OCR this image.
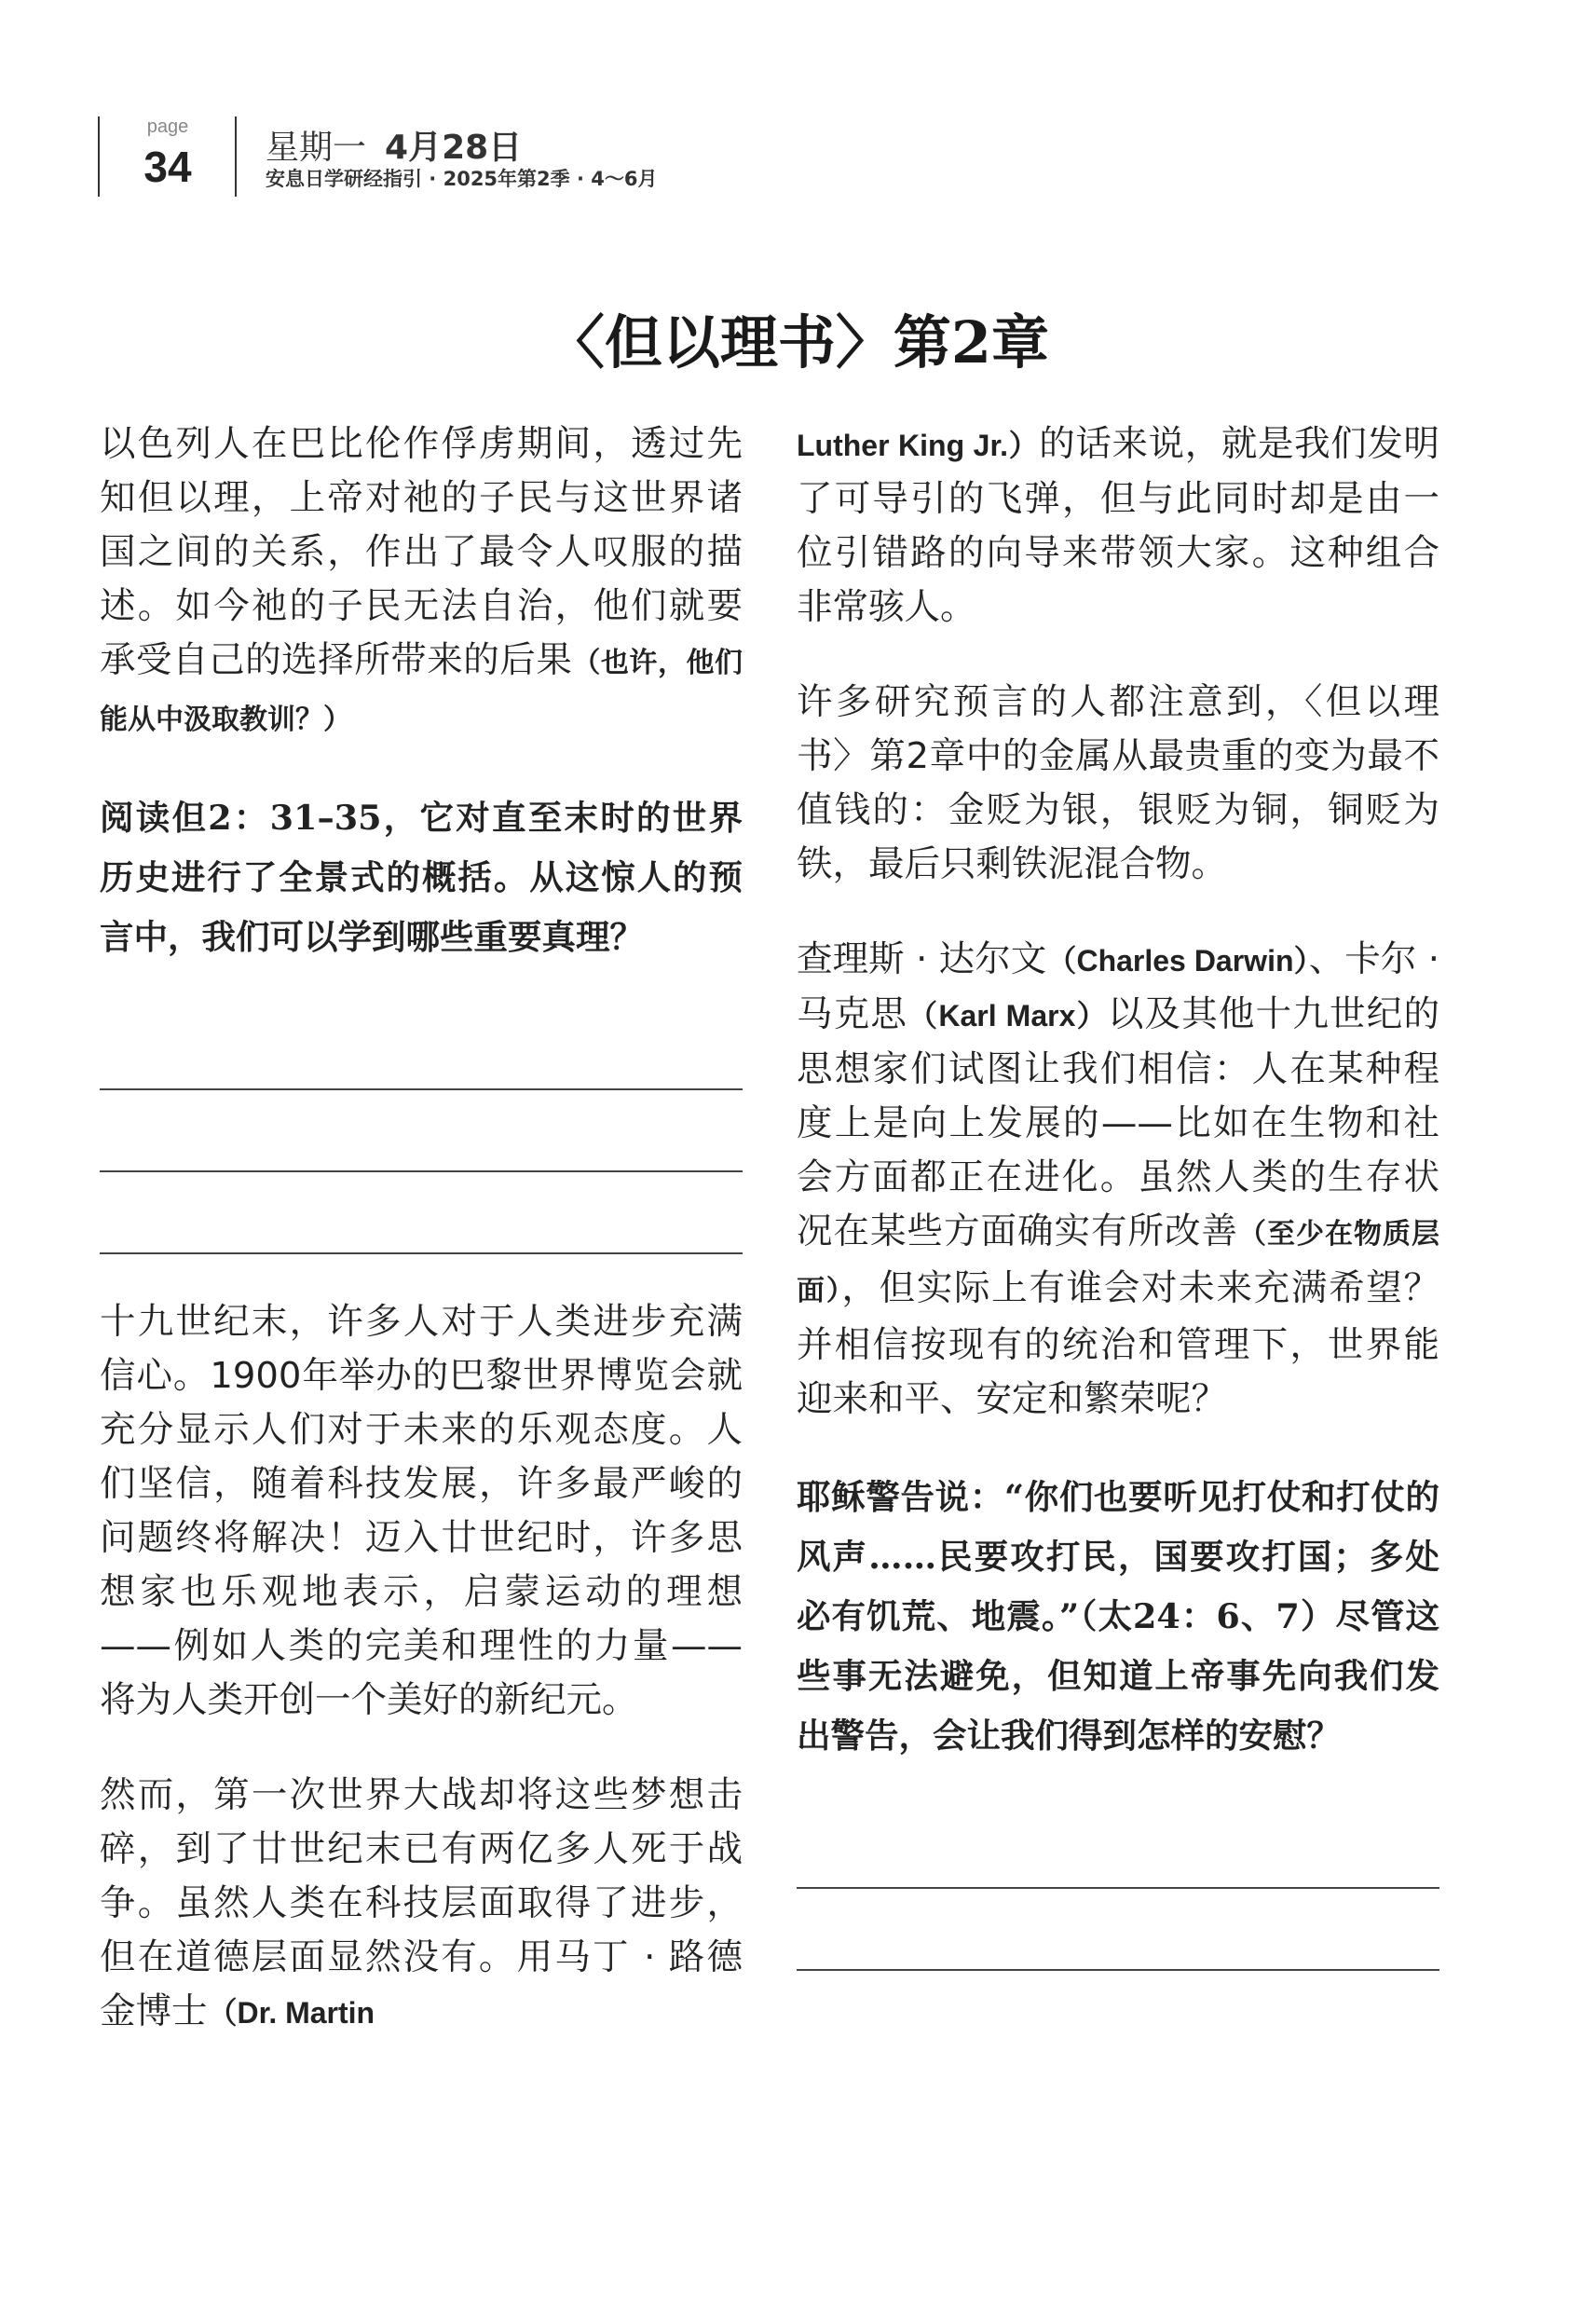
page
34	星期一 4月28日
安息日学研经指引 · 2025年第2季 · 4～6月
〈但以理书〉第2章

以色列人在巴比伦作俘虏期间，透过先知但以理，上帝对祂的子民与这世界诸国之间的关系，作出了最令人叹服的描述。如今祂的子民无法自治，他们就要承受自己的选择所带来的后果（也许，他们能从中汲取教训？）

阅读但2：31–35，它对直至末时的世界历史进行了全景式的概括。从这惊人的预言中，我们可以学到哪些重要真理？

十九世纪末，许多人对于人类进步充满信心。1900年举办的巴黎世界博览会就充分显示人们对于未来的乐观态度。人们坚信，随着科技发展，许多最严峻的问题终将解决！迈入廿世纪时，许多思想家也乐观地表示，启蒙运动的理想——例如人类的完美和理性的力量——将为人类开创一个美好的新纪元。

然而，第一次世界大战却将这些梦想击碎，到了廿世纪末已有两亿多人死于战争。虽然人类在科技层面取得了进步，但在道德层面显然没有。用马丁 · 路德金博士（Dr. Martin

Luther King Jr.）的话来说，就是我们发明了可导引的飞弹，但与此同时却是由一位引错路的向导来带领大家。这种组合非常骇人。

许多研究预言的人都注意到，〈但以理书〉第2章中的金属从最贵重的变为最不值钱的：金贬为银，银贬为铜，铜贬为铁，最后只剩铁泥混合物。

查理斯 · 达尔文（Charles Darwin）、卡尔 · 马克思（Karl Marx）以及其他十九世纪的思想家们试图让我们相信：人在某种程度上是向上发展的——比如在生物和社会方面都正在进化。虽然人类的生存状况在某些方面确实有所改善（至少在物质层面），但实际上有谁会对未来充满希望？并相信按现有的统治和管理下，世界能迎来和平、安定和繁荣呢？

耶稣警告说：“你们也要听见打仗和打仗的风声……民要攻打民，国要攻打国；多处必有饥荒、地震。”（太24：6、7）尽管这些事无法避免，但知道上帝事先向我们发出警告，会让我们得到怎样的安慰？
